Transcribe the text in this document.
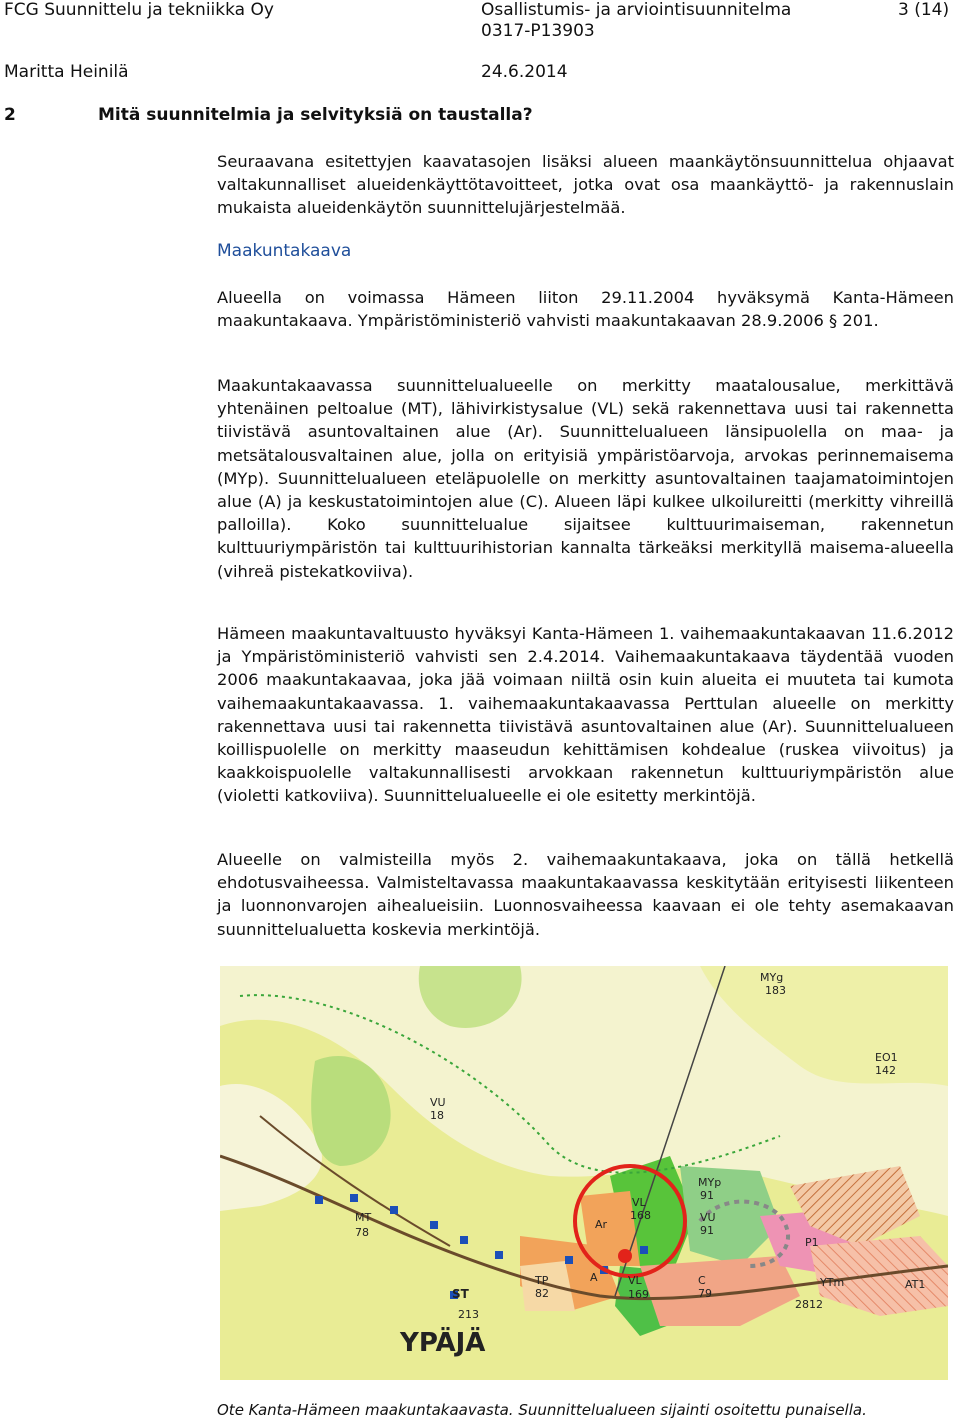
FCG Suunnittelu ja tekniikka Oy	Osallistumis- ja arviointisuunnitelma
0317-P13903
3 (14)
Maritta Heinilä	24.6.2014
2	Mitä suunnitelmia ja selvityksiä on taustalla?
Seuraavana esitettyjen kaavatasojen lisäksi alueen maankäytönsuunnittelua ohjaavat valtakunnalliset alueidenkäyttötavoitteet, jotka ovat osa maankäyttö- ja rakennuslain mukaista alueidenkäytön suunnittelujärjestelmää.
Maakuntakaava
Alueella on voimassa Hämeen liiton 29.11.2004 hyväksymä Kanta-Hämeen maakuntakaava. Ympäristöministeriö vahvisti maakuntakaavan 28.9.2006 § 201.
Maakuntakaavassa suunnittelualueelle on merkitty maatalousalue, merkittävä yhtenäinen peltoalue (MT), lähivirkistysalue (VL) sekä rakennettava uusi tai rakennetta tiivistävä asuntovaltainen alue (Ar). Suunnittelualueen länsipuolella on maa- ja metsätalousvaltainen alue, jolla on erityisiä ympäristöarvoja, arvokas perinnemaisema (MYp). Suunnittelualueen eteläpuolelle on merkitty asuntovaltainen taajamatoimintojen alue (A) ja keskustatoimintojen alue (C). Alueen läpi kulkee ulkoilureitti (merkitty vihreillä palloilla). Koko suunnittelualue sijaitsee kulttuurimaiseman, rakennetun kulttuuriympäristön tai kulttuurihistorian kannalta tärkeäksi merkityllä maisema-alueella (vihreä pistekatkoviiva).
Hämeen maakuntavaltuusto hyväksyi Kanta-Hämeen 1. vaihemaakuntakaavan 11.6.2012 ja Ympäristöministeriö vahvisti sen 2.4.2014. Vaihemaakuntakaava täydentää vuoden 2006 maakuntakaavaa, joka jää voimaan niiltä osin kuin alueita ei muuteta tai kumota vaihemaakuntakaavassa. 1. vaihemaakuntakaavassa Perttulan alueelle on merkitty rakennettava uusi tai rakennetta tiivistävä asuntovaltainen alue (Ar). Suunnittelualueen koillispuolelle on merkitty maaseudun kehittämisen kohdealue (ruskea viivoitus) ja kaakkoispuolelle valtakunnallisesti arvokkaan rakennetun kulttuuriympäristön alue (violetti katkoviiva). Suunnittelualueelle ei ole esitetty merkintöjä.
Alueelle on valmisteilla myös 2. vaihemaakuntakaava, joka on tällä hetkellä ehdotusvaiheessa. Valmisteltavassa maakuntakaavassa keskitytään erityisesti liikenteen ja luonnonvarojen aihealueisiin. Luonnosvaiheessa kaavaan ei ole tehty asemakaavan suunnittelualuetta koskevia merkintöjä.
MYg
183
EO1
142
VU
18
MT
78
Ar
VL
168
MYp
91
VU
91
P1
TP
82
A	VL
169
C
79
YTm	AT1
2812
ST
213
YPÄJÄ
Ote Kanta-Hämeen maakuntakaavasta. Suunnittelualueen sijainti osoitettu punaisella.
